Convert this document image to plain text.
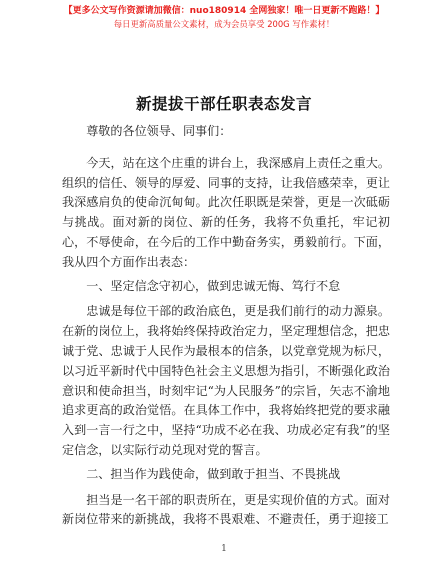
【更多公文写作资源请加微信：nuo180914 全网独家！唯一日更新不跑路！】
每日更新高质量公文素材，成为会员享受 200G 写作素材！
新提拔干部任职表态发言

尊敬的各位领导、同事们：

今天，站在这个庄重的讲台上，我深感肩上责任之重大。组织的信任、领导的厚爱、同事的支持，让我倍感荣幸，更让我深感肩负的使命沉甸甸。此次任职既是荣誉，更是一次砥砺与挑战。面对新的岗位、新的任务，我将不负重托，牢记初心，不辱使命，在今后的工作中勤奋务实，勇毅前行。下面，我从四个方面作出表态：

一、坚定信念守初心，做到忠诚无悔、笃行不怠

忠诚是每位干部的政治底色，更是我们前行的动力源泉。在新的岗位上，我将始终保持政治定力，坚定理想信念，把忠诚于党、忠诚于人民作为最根本的信条，以党章党规为标尺，以习近平新时代中国特色社会主义思想为指引，不断强化政治意识和使命担当，时刻牢记“为人民服务”的宗旨，矢志不渝地追求更高的政治觉悟。在具体工作中，我将始终把党的要求融入到一言一行之中，坚持“功成不必在我、功成必定有我”的坚定信念，以实际行动兑现对党的誓言。

二、担当作为践使命，做到敢于担当、不畏挑战

担当是一名干部的职责所在，更是实现价值的方式。面对新岗位带来的新挑战，我将不畏艰难、不避责任，勇于迎接工

1
